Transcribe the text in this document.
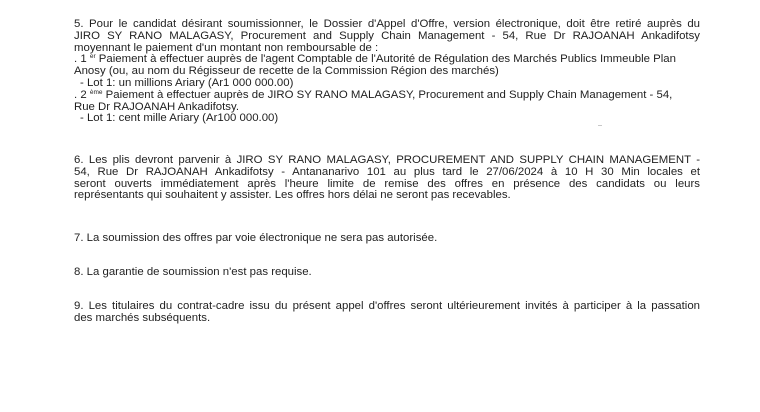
5. Pour le candidat désirant soumissionner, le Dossier d'Appel d'Offre, version électronique, doit être retiré auprès du
JIRO SY RANO MALAGASY, Procurement and Supply Chain Management - 54, Rue Dr RAJOANAH Ankadifotsy
moyennant le paiement d'un montant non remboursable de :
. 1 $^{er}$ Paiement à effectuer auprès de l'agent Comptable de l'Autorité de Régulation des Marchés Publics Immeuble Plan
Anosy (ou, au nom du Régisseur de recette de la Commission Région des marchés)
- Lot 1: un millions Ariary (Ar1 000 000.00)
. 2 $^{ème}$ Paiement à effectuer auprès de JIRO SY RANO MALAGASY, Procurement and Supply Chain Management - 54,
Rue Dr RAJOANAH Ankadifotsy.
- Lot 1: cent mille Ariary (Ar100 000.00)
6. Les plis devront parvenir à JIRO SY RANO MALAGASY, PROCUREMENT AND SUPPLY CHAIN MANAGEMENT -
54, Rue Dr RAJOANAH Ankadifotsy - Antananarivo 101 au plus tard le 27/06/2024 à 10 H 30 Min locales et
seront ouverts immédiatement après l'heure limite de remise des offres en présence des candidats ou leurs
représentants qui souhaitent y assister. Les offres hors délai ne seront pas recevables.
7. La soumission des offres par voie électronique ne sera pas autorisée.
8. La garantie de soumission n'est pas requise.
9. Les titulaires du contrat-cadre issu du présent appel d'offres seront ultérieurement invités à participer à la passation
des marchés subséquents.
